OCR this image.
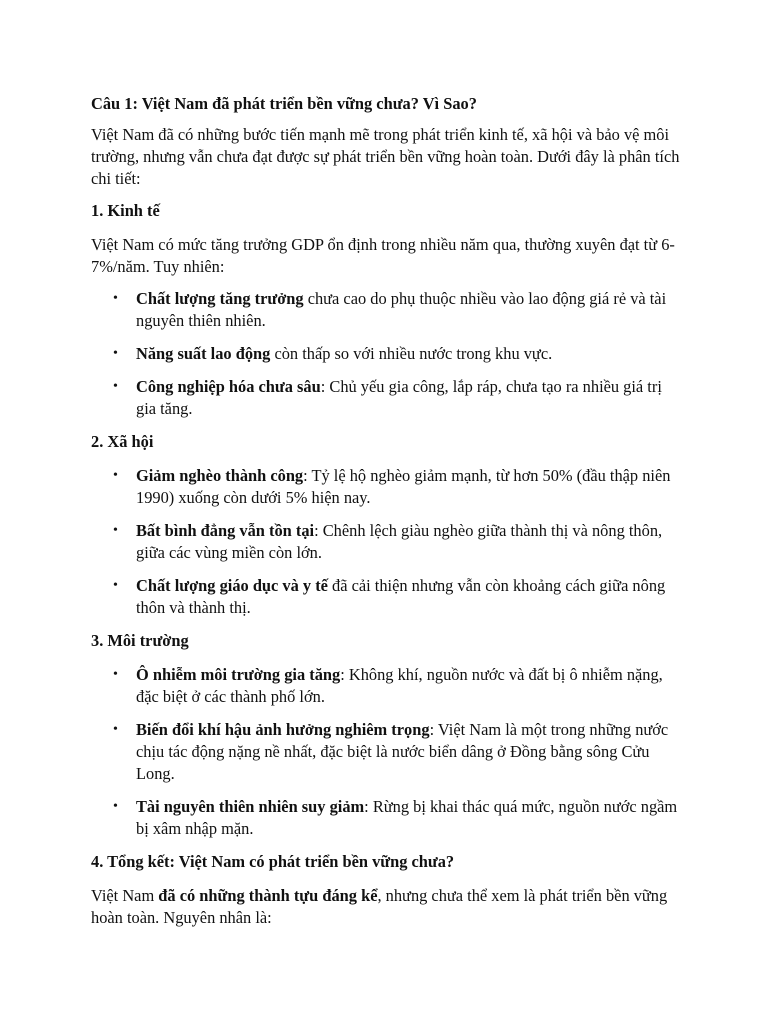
Câu 1: Việt Nam đã phát triển bền vững chưa? Vì Sao?

Việt Nam đã có những bước tiến mạnh mẽ trong phát triển kinh tế, xã hội và bảo vệ môi trường, nhưng vẫn chưa đạt được sự phát triển bền vững hoàn toàn. Dưới đây là phân tích chi tiết:

1. Kinh tế

Việt Nam có mức tăng trưởng GDP ổn định trong nhiều năm qua, thường xuyên đạt từ 6-7%/năm. Tuy nhiên:

• Chất lượng tăng trưởng chưa cao do phụ thuộc nhiều vào lao động giá rẻ và tài nguyên thiên nhiên.
• Năng suất lao động còn thấp so với nhiều nước trong khu vực.
• Công nghiệp hóa chưa sâu: Chủ yếu gia công, lắp ráp, chưa tạo ra nhiều giá trị gia tăng.
2. Xã hội
• Giảm nghèo thành công: Tỷ lệ hộ nghèo giảm mạnh, từ hơn 50% (đầu thập niên 1990) xuống còn dưới 5% hiện nay.
• Bất bình đẳng vẫn tồn tại: Chênh lệch giàu nghèo giữa thành thị và nông thôn, giữa các vùng miền còn lớn.
• Chất lượng giáo dục và y tế đã cải thiện nhưng vẫn còn khoảng cách giữa nông thôn và thành thị.
3. Môi trường
• Ô nhiễm môi trường gia tăng: Không khí, nguồn nước và đất bị ô nhiễm nặng, đặc biệt ở các thành phố lớn.
• Biến đổi khí hậu ảnh hưởng nghiêm trọng: Việt Nam là một trong những nước chịu tác động nặng nề nhất, đặc biệt là nước biển dâng ở Đồng bằng sông Cửu Long.
• Tài nguyên thiên nhiên suy giảm: Rừng bị khai thác quá mức, nguồn nước ngầm bị xâm nhập mặn.
4. Tổng kết: Việt Nam có phát triển bền vững chưa?

Việt Nam đã có những thành tựu đáng kể, nhưng chưa thể xem là phát triển bền vững hoàn toàn. Nguyên nhân là:
